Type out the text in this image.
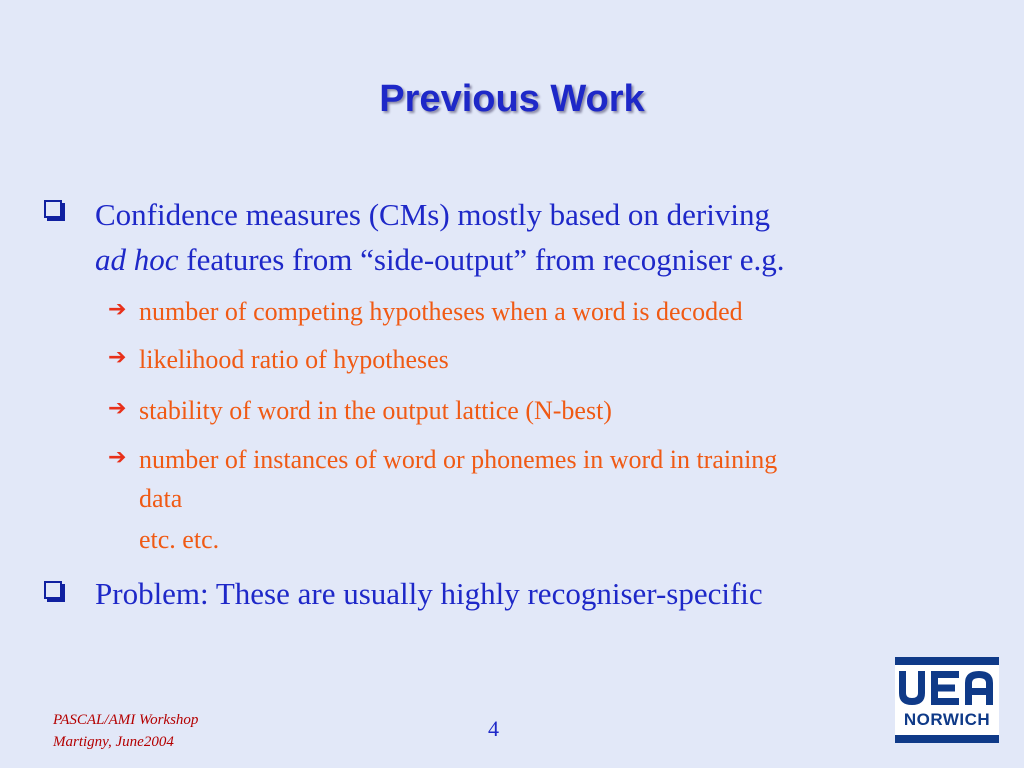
Previous Work
Confidence measures (CMs) mostly based on deriving
ad hoc features from “side-output” from recogniser e.g.
➔ number of competing hypotheses when a word is decoded
➔ likelihood ratio of hypotheses
➔ stability of word in the output lattice (N-best)
➔ number of instances of word or phonemes in word in training
data
etc. etc.
Problem: These are usually highly recogniser-specific
PASCAL/AMI Workshop
Martigny, June2004
4	NORWICH
